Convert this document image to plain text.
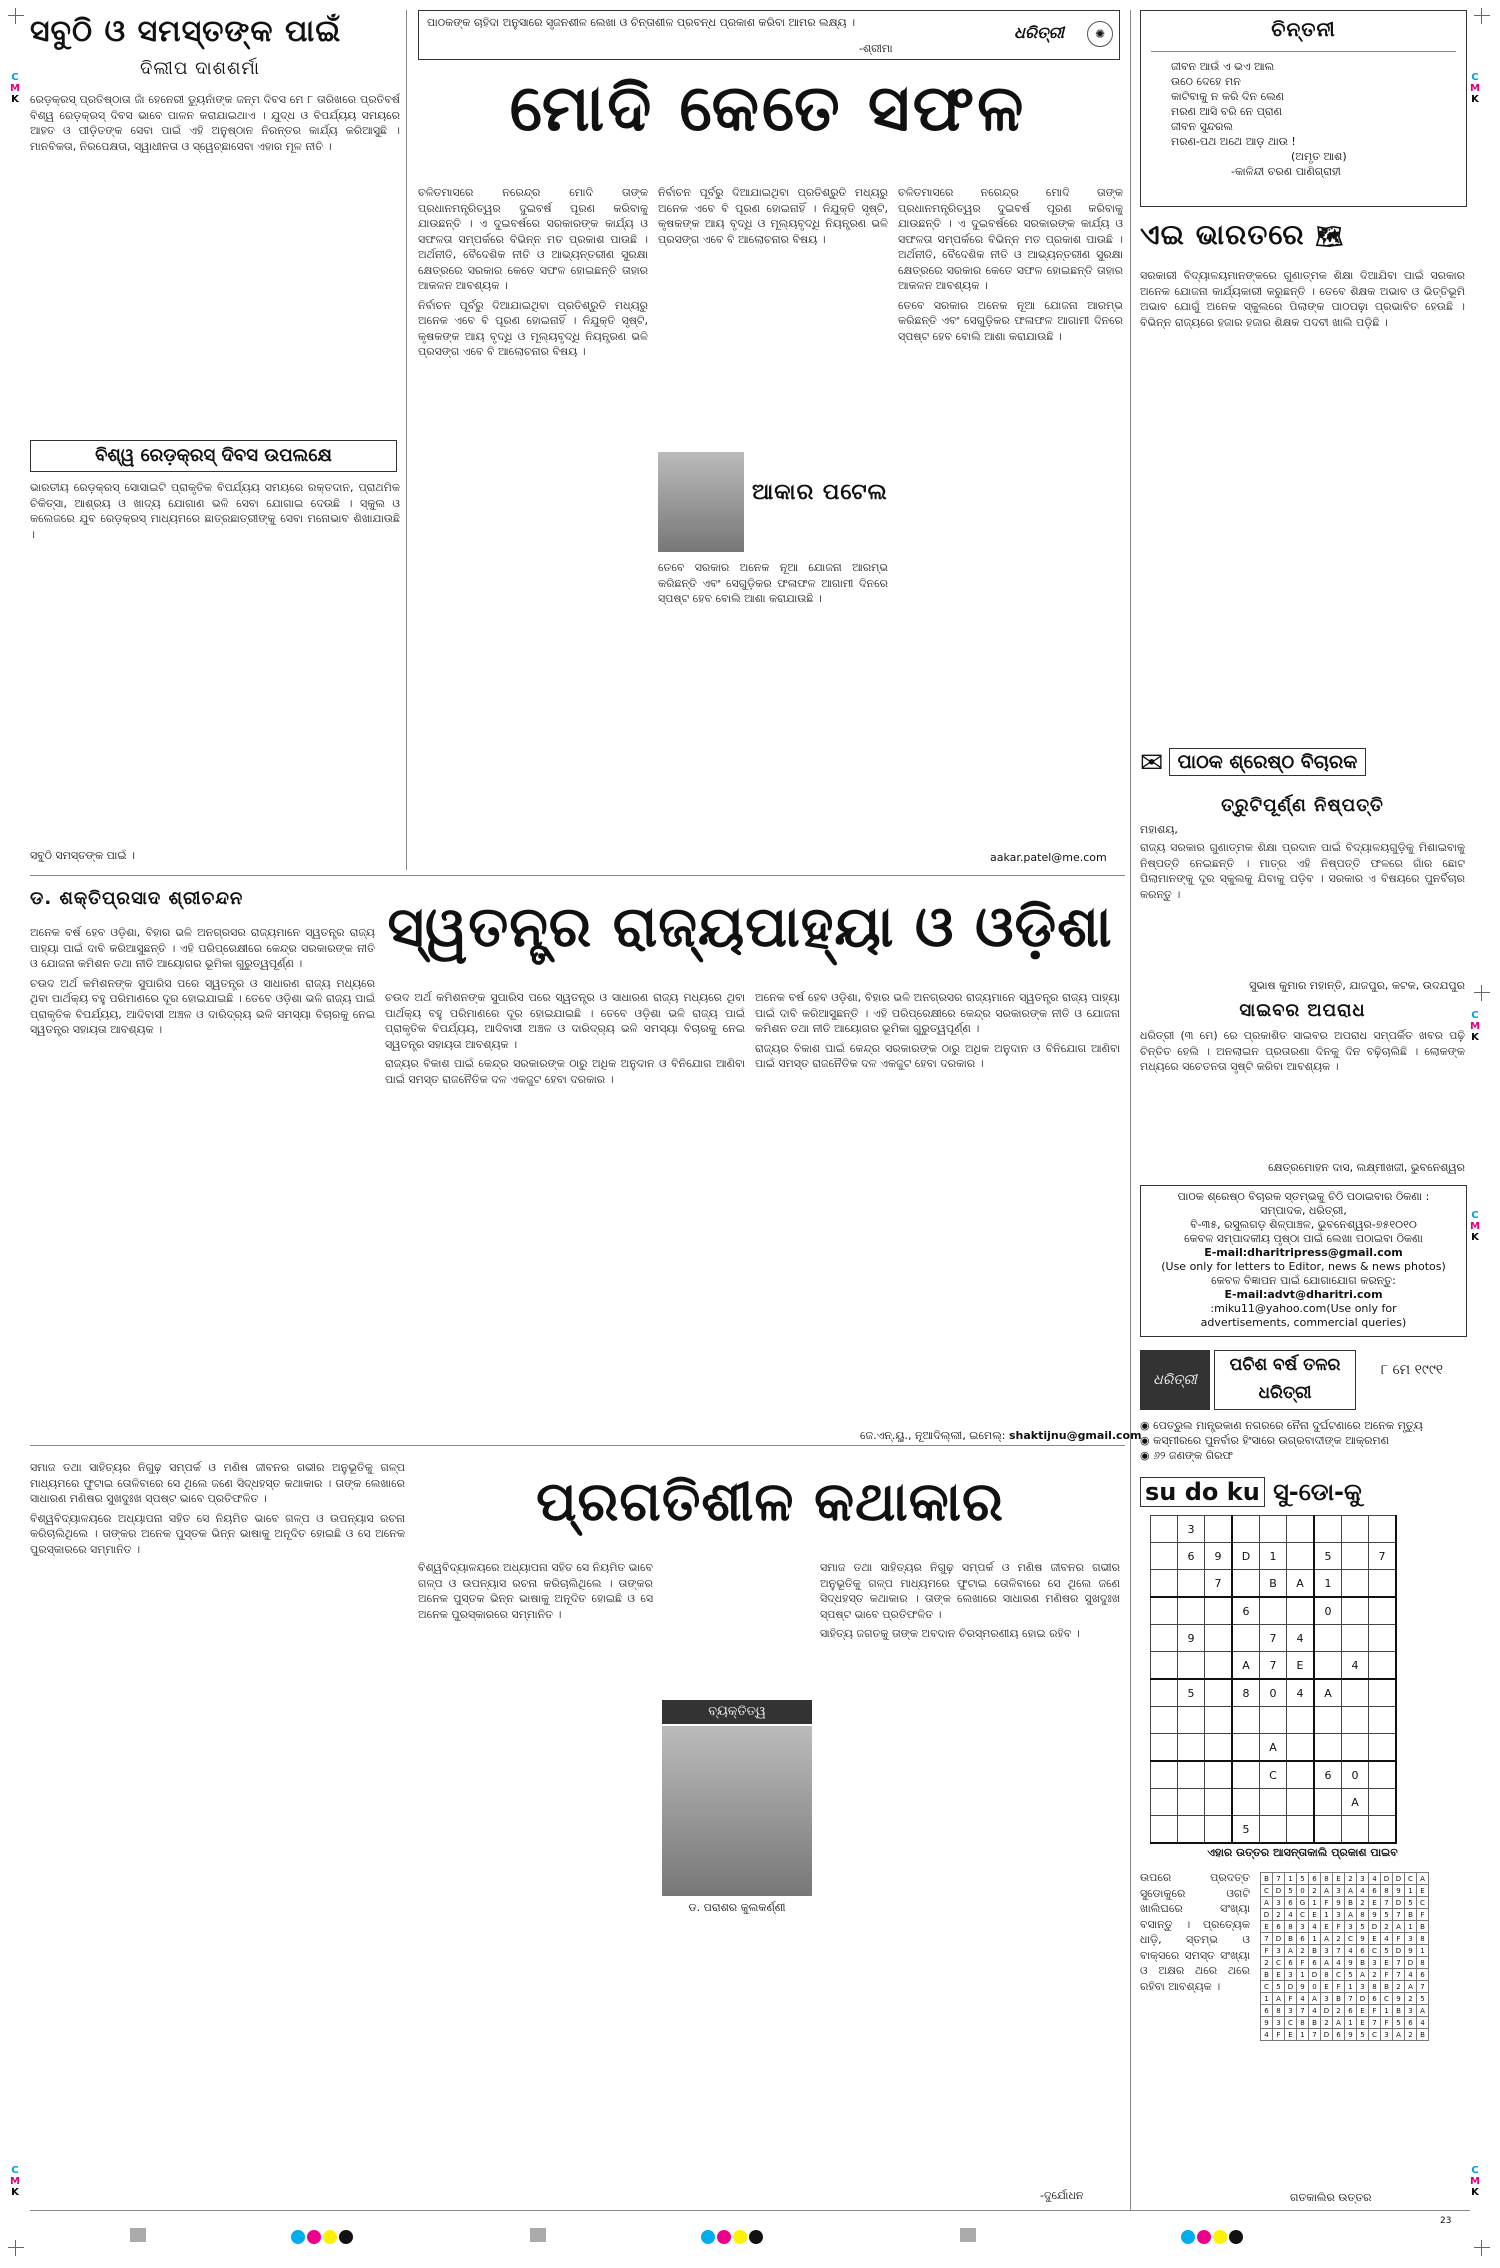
C
M
K
C
M
K
C
M
K
C
M
K
C
M
K
C
M
K
ସବୁଠି ଓ ସମସ୍ତଙ୍କ ପାଇଁ
ଦିଲୀପ ଦାଶଶର୍ମା

ରେଡ଼କ୍ରସ୍ ପ୍ରତିଷ୍ଠାତା ଜାଁ ହେନେରୀ ଡ୍ୟୁନାଁଙ୍କ ଜନ୍ମ ଦିବସ ମେ ୮ ତାରିଖରେ ପ୍ରତିବର୍ଷ ବିଶ୍ୱ ରେଡ଼କ୍ରସ୍ ଦିବସ ଭାବେ ପାଳନ କରାଯାଇଥାଏ । ଯୁଦ୍ଧ ଓ ବିପର୍ଯ୍ୟୟ ସମୟରେ ଆହତ ଓ ପୀଡ଼ିତଙ୍କ ସେବା ପାଇଁ ଏହି ଅନୁଷ୍ଠାନ ନିରନ୍ତର କାର୍ଯ୍ୟ କରିଆସୁଛି । ମାନବିକତା, ନିରପେକ୍ଷତା, ସ୍ୱାଧୀନତା ଓ ସ୍ୱେଚ୍ଛାସେବା ଏହାର ମୂଳ ନୀତି ।

ବିଶ୍ୱ ରେଡ଼କ୍ରସ୍ ଦିବସ ଉପଲକ୍ଷେ

ଭାରତୀୟ ରେଡ଼କ୍ରସ୍ ସୋସାଇଟି ପ୍ରାକୃତିକ ବିପର୍ଯ୍ୟୟ ସମୟରେ ରକ୍ତଦାନ, ପ୍ରାଥମିକ ଚିକିତ୍ସା, ଆଶ୍ରୟ ଓ ଖାଦ୍ୟ ଯୋଗାଣ ଭଳି ସେବା ଯୋଗାଇ ଦେଉଛି । ସ୍କୁଲ ଓ କଲେଜରେ ଯୁବ ରେଡ଼କ୍ରସ୍ ମାଧ୍ୟମରେ ଛାତ୍ରଛାତ୍ରୀଙ୍କୁ ସେବା ମନୋଭାବ ଶିଖାଯାଉଛି ।

ସବୁଠି ସମସ୍ତଙ୍କ ପାଇଁ ।
ପାଠକଙ୍କ ଚାହିଦା ଅନୁସାରେ ସୃଜନଶୀଳ ଲେଖା ଓ ଚିନ୍ତାଶୀଳ ପ୍ରବନ୍ଧ ପ୍ରକାଶ କରିବା ଆମର ଲକ୍ଷ୍ୟ ।
-ଶ୍ରୀମା
ଧରିତ୍ରୀ	✺
ମୋଦି କେତେ ସଫଳ

ଚଳିତମାସରେ ନରେନ୍ଦ୍ର ମୋଦି ତାଙ୍କ ପ୍ରଧାନମନ୍ତ୍ରିତ୍ୱର ଦୁଇବର୍ଷ ପୂରଣ କରିବାକୁ ଯାଉଛନ୍ତି । ଏ ଦୁଇବର୍ଷରେ ସରକାରଙ୍କ କାର୍ଯ୍ୟ ଓ ସଫଳତା ସମ୍ପର୍କରେ ବିଭିନ୍ନ ମତ ପ୍ରକାଶ ପାଉଛି । ଅର୍ଥନୀତି, ବୈଦେଶିକ ନୀତି ଓ ଆଭ୍ୟନ୍ତରୀଣ ସୁରକ୍ଷା କ୍ଷେତ୍ରରେ ସରକାର କେତେ ସଫଳ ହୋଇଛନ୍ତି ତାହାର ଆକଳନ ଆବଶ୍ୟକ ।

ନିର୍ବାଚନ ପୂର୍ବରୁ ଦିଆଯାଇଥିବା ପ୍ରତିଶ୍ରୁତି ମଧ୍ୟରୁ ଅନେକ ଏବେ ବି ପୂରଣ ହୋଇନାହିଁ । ନିଯୁକ୍ତି ସୃଷ୍ଟି, କୃଷକଙ୍କ ଆୟ ବୃଦ୍ଧି ଓ ମୂଲ୍ୟବୃଦ୍ଧି ନିୟନ୍ତ୍ରଣ ଭଳି ପ୍ରସଙ୍ଗ ଏବେ ବି ଆଲୋଚନାର ବିଷୟ ।

ନିର୍ବାଚନ ପୂର୍ବରୁ ଦିଆଯାଇଥିବା ପ୍ରତିଶ୍ରୁତି ମଧ୍ୟରୁ ଅନେକ ଏବେ ବି ପୂରଣ ହୋଇନାହିଁ । ନିଯୁକ୍ତି ସୃଷ୍ଟି, କୃଷକଙ୍କ ଆୟ ବୃଦ୍ଧି ଓ ମୂଲ୍ୟବୃଦ୍ଧି ନିୟନ୍ତ୍ରଣ ଭଳି ପ୍ରସଙ୍ଗ ଏବେ ବି ଆଲୋଚନାର ବିଷୟ ।

ଆକାର ପଟେଲ

ତେବେ ସରକାର ଅନେକ ନୂଆ ଯୋଜନା ଆରମ୍ଭ କରିଛନ୍ତି ଏବଂ ସେଗୁଡ଼ିକର ଫଳାଫଳ ଆଗାମୀ ଦିନରେ ସ୍ପଷ୍ଟ ହେବ ବୋଲି ଆଶା କରାଯାଉଛି ।

ଚଳିତମାସରେ ନରେନ୍ଦ୍ର ମୋଦି ତାଙ୍କ ପ୍ରଧାନମନ୍ତ୍ରିତ୍ୱର ଦୁଇବର୍ଷ ପୂରଣ କରିବାକୁ ଯାଉଛନ୍ତି । ଏ ଦୁଇବର୍ଷରେ ସରକାରଙ୍କ କାର୍ଯ୍ୟ ଓ ସଫଳତା ସମ୍ପର୍କରେ ବିଭିନ୍ନ ମତ ପ୍ରକାଶ ପାଉଛି । ଅର୍ଥନୀତି, ବୈଦେଶିକ ନୀତି ଓ ଆଭ୍ୟନ୍ତରୀଣ ସୁରକ୍ଷା କ୍ଷେତ୍ରରେ ସରକାର କେତେ ସଫଳ ହୋଇଛନ୍ତି ତାହାର ଆକଳନ ଆବଶ୍ୟକ ।

ତେବେ ସରକାର ଅନେକ ନୂଆ ଯୋଜନା ଆରମ୍ଭ କରିଛନ୍ତି ଏବଂ ସେଗୁଡ଼ିକର ଫଳାଫଳ ଆଗାମୀ ଦିନରେ ସ୍ପଷ୍ଟ ହେବ ବୋଲି ଆଶା କରାଯାଉଛି ।

aakar.patel@me.com
ଡ. ଶକ୍ତିପ୍ରସାଦ ଶ୍ରୀଚନ୍ଦନ	ସ୍ୱତନ୍ତ୍ର ରାଜ୍ୟପାହ୍ୟା ଓ ଓଡ଼ିଶା

ଅନେକ ବର୍ଷ ହେବ ଓଡ଼ିଶା, ବିହାର ଭଳି ଅନଗ୍ରସର ରାଜ୍ୟମାନେ ସ୍ୱତନ୍ତ୍ର ରାଜ୍ୟ ପାହ୍ୟା ପାଇଁ ଦାବି କରିଆସୁଛନ୍ତି । ଏହି ପରିପ୍ରେକ୍ଷୀରେ କେନ୍ଦ୍ର ସରକାରଙ୍କ ନୀତି ଓ ଯୋଜନା କମିଶନ ତଥା ନୀତି ଆୟୋଗର ଭୂମିକା ଗୁରୁତ୍ୱପୂର୍ଣ୍ଣ ।

ଚଉଦ ଅର୍ଥ କମିଶନଙ୍କ ସୁପାରିସ ପରେ ସ୍ୱତନ୍ତ୍ର ଓ ସାଧାରଣ ରାଜ୍ୟ ମଧ୍ୟରେ ଥିବା ପାର୍ଥକ୍ୟ ବହୁ ପରିମାଣରେ ଦୂର ହୋଇଯାଇଛି । ତେବେ ଓଡ଼ିଶା ଭଳି ରାଜ୍ୟ ପାଇଁ ପ୍ରାକୃତିକ ବିପର୍ଯ୍ୟୟ, ଆଦିବାସୀ ଅଞ୍ଚଳ ଓ ଦାରିଦ୍ର୍ୟ ଭଳି ସମସ୍ୟା ବିଚାରକୁ ନେଇ ସ୍ୱତନ୍ତ୍ର ସହାୟତା ଆବଶ୍ୟକ ।

ଚଉଦ ଅର୍ଥ କମିଶନଙ୍କ ସୁପାରିସ ପରେ ସ୍ୱତନ୍ତ୍ର ଓ ସାଧାରଣ ରାଜ୍ୟ ମଧ୍ୟରେ ଥିବା ପାର୍ଥକ୍ୟ ବହୁ ପରିମାଣରେ ଦୂର ହୋଇଯାଇଛି । ତେବେ ଓଡ଼ିଶା ଭଳି ରାଜ୍ୟ ପାଇଁ ପ୍ରାକୃତିକ ବିପର୍ଯ୍ୟୟ, ଆଦିବାସୀ ଅଞ୍ଚଳ ଓ ଦାରିଦ୍ର୍ୟ ଭଳି ସମସ୍ୟା ବିଚାରକୁ ନେଇ ସ୍ୱତନ୍ତ୍ର ସହାୟତା ଆବଶ୍ୟକ ।

ରାଜ୍ୟର ବିକାଶ ପାଇଁ କେନ୍ଦ୍ର ସରକାରଙ୍କ ଠାରୁ ଅଧିକ ଅନୁଦାନ ଓ ବିନିଯୋଗ ଆଣିବା ପାଇଁ ସମସ୍ତ ରାଜନୈତିକ ଦଳ ଏକଜୁଟ ହେବା ଦରକାର ।

ଅନେକ ବର୍ଷ ହେବ ଓଡ଼ିଶା, ବିହାର ଭଳି ଅନଗ୍ରସର ରାଜ୍ୟମାନେ ସ୍ୱତନ୍ତ୍ର ରାଜ୍ୟ ପାହ୍ୟା ପାଇଁ ଦାବି କରିଆସୁଛନ୍ତି । ଏହି ପରିପ୍ରେକ୍ଷୀରେ କେନ୍ଦ୍ର ସରକାରଙ୍କ ନୀତି ଓ ଯୋଜନା କମିଶନ ତଥା ନୀତି ଆୟୋଗର ଭୂମିକା ଗୁରୁତ୍ୱପୂର୍ଣ୍ଣ ।

ରାଜ୍ୟର ବିକାଶ ପାଇଁ କେନ୍ଦ୍ର ସରକାରଙ୍କ ଠାରୁ ଅଧିକ ଅନୁଦାନ ଓ ବିନିଯୋଗ ଆଣିବା ପାଇଁ ସମସ୍ତ ରାଜନୈତିକ ଦଳ ଏକଜୁଟ ହେବା ଦରକାର ।

ଜେ.ଏନ୍.ୟୁ., ନୂଆଦିଲ୍ଲୀ, ଇମେଲ୍: shaktijnu@gmail.com
ପ୍ରଗତିଶୀଳ କଥାକାର

ସମାଜ ତଥା ସାହିତ୍ୟର ନିଗୁଢ଼ ସମ୍ପର୍କ ଓ ମଣିଷ ଜୀବନର ଗଭୀର ଅନୁଭୂତିକୁ ଗଳ୍ପ ମାଧ୍ୟମରେ ଫୁଟାଇ ତୋଳିବାରେ ସେ ଥିଲେ ଜଣେ ସିଦ୍ଧହସ୍ତ କଥାକାର । ତାଙ୍କ ଲେଖାରେ ସାଧାରଣ ମଣିଷର ସୁଖଦୁଃଖ ସ୍ପଷ୍ଟ ଭାବେ ପ୍ରତିଫଳିତ ।

ବିଶ୍ୱବିଦ୍ୟାଳୟରେ ଅଧ୍ୟାପନା ସହିତ ସେ ନିୟମିତ ଭାବେ ଗଳ୍ପ ଓ ଉପନ୍ୟାସ ରଚନା କରିଚାଲିଥିଲେ । ତାଙ୍କର ଅନେକ ପୁସ୍ତକ ଭିନ୍ନ ଭାଷାକୁ ଅନୂଦିତ ହୋଇଛି ଓ ସେ ଅନେକ ପୁରସ୍କାରରେ ସମ୍ମାନିତ ।

ବିଶ୍ୱବିଦ୍ୟାଳୟରେ ଅଧ୍ୟାପନା ସହିତ ସେ ନିୟମିତ ଭାବେ ଗଳ୍ପ ଓ ଉପନ୍ୟାସ ରଚନା କରିଚାଲିଥିଲେ । ତାଙ୍କର ଅନେକ ପୁସ୍ତକ ଭିନ୍ନ ଭାଷାକୁ ଅନୂଦିତ ହୋଇଛି ଓ ସେ ଅନେକ ପୁରସ୍କାରରେ ସମ୍ମାନିତ ।

ବ୍ୟକ୍ତିତ୍ୱ
ଡ. ପରାଶର କୁଲକର୍ଣ୍ଣୀ

ସମାଜ ତଥା ସାହିତ୍ୟର ନିଗୁଢ଼ ସମ୍ପର୍କ ଓ ମଣିଷ ଜୀବନର ଗଭୀର ଅନୁଭୂତିକୁ ଗଳ୍ପ ମାଧ୍ୟମରେ ଫୁଟାଇ ତୋଳିବାରେ ସେ ଥିଲେ ଜଣେ ସିଦ୍ଧହସ୍ତ କଥାକାର । ତାଙ୍କ ଲେଖାରେ ସାଧାରଣ ମଣିଷର ସୁଖଦୁଃଖ ସ୍ପଷ୍ଟ ଭାବେ ପ୍ରତିଫଳିତ ।

ସାହିତ୍ୟ ଜଗତକୁ ତାଙ୍କ ଅବଦାନ ଚିରସ୍ମରଣୀୟ ହୋଇ ରହିବ ।

-ଦୁର୍ଯୋଧନ
ଚିନ୍ତନୀ
ଜୀବନ ଆଉଁ ଏ ଭଏ ଆଲ
ଉଠେ ଦେହେ ମନ
କାଟିବାକୁ ନ କରି ଦିନ ଲେଣ
ମରଣ ଆସି ବରି ନେ ପ୍ରାଣ
ଜୀବନ ସୁନ୍ଦରଲ
ମରଣ-ପଥ ଅଥେ ଆଡ଼ ଥାଉ !
(ଅମୃତ ଆଶ)
-କାଳିନ୍ଦୀ ଚରଣ ପାଣିଗ୍ରାହୀ
ଏଇ ଭାରତରେ 🗺

ସରକାରୀ ବିଦ୍ୟାଳୟମାନଙ୍କରେ ଗୁଣାତ୍ମକ ଶିକ୍ଷା ଦିଆଯିବା ପାଇଁ ସରକାର ଅନେକ ଯୋଜନା କାର୍ଯ୍ୟକାରୀ କରୁଛନ୍ତି । ତେବେ ଶିକ୍ଷକ ଅଭାବ ଓ ଭିତ୍ତିଭୂମି ଅଭାବ ଯୋଗୁଁ ଅନେକ ସ୍କୁଲରେ ପିଲାଙ୍କ ପାଠପଢ଼ା ପ୍ରଭାବିତ ହେଉଛି । ବିଭିନ୍ନ ରାଜ୍ୟରେ ହଜାର ହଜାର ଶିକ୍ଷକ ପଦବୀ ଖାଲି ପଡ଼ିଛି ।

✉ ପାଠକ ଶ୍ରେଷ୍ଠ ବିଚାରକ
ତ୍ରୁଟିପୂର୍ଣ୍ଣ ନିଷ୍ପତ୍ତି
ମହାଶୟ,

ରାଜ୍ୟ ସରକାର ଗୁଣାତ୍ମକ ଶିକ୍ଷା ପ୍ରଦାନ ପାଇଁ ବିଦ୍ୟାଳୟଗୁଡ଼ିକୁ ମିଶାଇବାକୁ ନିଷ୍ପତ୍ତି ନେଇଛନ୍ତି । ମାତ୍ର ଏହି ନିଷ୍ପତ୍ତି ଫଳରେ ଗାଁର ଛୋଟ ପିଲାମାନଙ୍କୁ ଦୂର ସ୍କୁଲକୁ ଯିବାକୁ ପଡ଼ିବ । ସରକାର ଏ ବିଷୟରେ ପୁନର୍ବିଚାର କରନ୍ତୁ ।

ସୁଭାଷ କୁମାର ମହାନ୍ତି, ଯାଜପୁର, କଟକ, ଉଦଯପୁର
ସାଇବର ଅପରାଧ

ଧରିତ୍ରୀ (୩ ମେ) ରେ ପ୍ରକାଶିତ ସାଇବର ଅପରାଧ ସମ୍ପର୍କିତ ଖବର ପଢ଼ି ଚିନ୍ତିତ ହେଲି । ଅନଲାଇନ ପ୍ରତାରଣା ଦିନକୁ ଦିନ ବଢ଼ିଚାଲିଛି । ଲୋକଙ୍କ ମଧ୍ୟରେ ସଚେତନତା ସୃଷ୍ଟି କରିବା ଆବଶ୍ୟକ ।

କ୍ଷେତ୍ରମୋହନ ଦାସ, ଲକ୍ଷ୍ମୀଖଜୀ, ଭୁବନେଶ୍ୱର
ପାଠକ ଶ୍ରେଷ୍ଠ ବିଚାରକ ସ୍ତମ୍ଭକୁ ଚିଠି ପଠାଇବାର ଠିକଣା :
ସମ୍ପାଦକ, ଧରିତ୍ରୀ,
ବି-୩୫, ରସୁଲଗଡ଼ ଶିଳ୍ପାଞ୍ଚଳ, ଭୁବନେଶ୍ୱର-୭୫୧୦୧୦
କେବଳ ସମ୍ପାଦକୀୟ ପୃଷ୍ଠା ପାଇଁ ଲେଖା ପଠାଇବା ଠିକଣା
E-mail:dharitripress@gmail.com
(Use only for letters to Editor, news & news photos)
କେବଳ ବିଜ୍ଞାପନ ପାଇଁ ଯୋଗାଯୋଗ କରନ୍ତୁ:
E-mail:advt@dharitri.com
:miku11@yahoo.com(Use only for
advertisements, commercial queries)
ଧରିତ୍ରୀ
ପଚିଶ ବର୍ଷ ତଳର ଧରିତ୍ରୀ
୮ ମେ ୧୯୯୧
◉ ପେତ୍ରୁଲ ମାନ୍ତ୍ରକାଣ ନଗରରେ ନୈନା ଦୁର୍ଘଟଣାରେ ଅନେକ ମୃତ୍ୟୁ
◉ କସ୍ମୀରରେ ପୁନର୍ବାର ହିଂସାରେ ଉଗ୍ରବାଦୀଙ୍କ ଆକ୍ରମଣ
◉ ୬୨ ଜଣଙ୍କ ଗିରଫ
su do ku ସୁ-ଡୋ-କୁ
	3							
	6	9	D	1		5		7
		7		B	A	1		
			6			0		
	9			7	4			
			A	7	E		4	
	5		8	0	4	A		

				A				
				C		6	0	
							A	
			5					
ଏହାର ଉତ୍ତର ଆସନ୍ତାକାଲି ପ୍ରକାଶ ପାଇବ

ଉପରେ ପ୍ରଦତ୍ତ ସୁଡୋକୁରେ ଓଗଟି ଖାଲିଘରେ ସଂଖ୍ୟା ବସାନ୍ତୁ । ପ୍ରତ୍ୟେକ ଧାଡ଼ି, ସ୍ତମ୍ଭ ଓ ବାକ୍ସରେ ସମସ୍ତ ସଂଖ୍ୟା ଓ ଅକ୍ଷର ଥରେ ଥରେ ରହିବା ଆବଶ୍ୟକ ।

B	7	1	5	6	8	E	2	3	4	D	D	C	A
C	D	5	0	2	A	3	A	4	6	8	9	1	E
A	3	6	G	1	F	9	B	2	E	7	D	5	C
D	2	4	C	E	1	3	A	8	9	5	7	B	F
E	6	8	3	4	E	F	3	5	D	2	A	1	B
7	D	B	6	1	A	2	C	9	E	4	F	3	8
F	3	A	2	B	3	7	4	6	C	5	D	9	1
2	C	6	F	6	A	4	9	B	3	E	7	D	8
B	E	3	1	D	8	C	5	A	2	F	7	4	6
C	5	D	9	0	E	F	1	3	8	B	2	A	7
1	A	F	4	A	3	B	7	D	6	C	9	2	5
6	8	3	7	4	D	2	6	E	F	1	B	3	A
9	3	C	8	B	2	A	1	E	7	F	5	6	4
4	F	E	1	7	D	6	9	5	C	3	A	2	B
ଗତକାଲିର ଉତ୍ତର
23
